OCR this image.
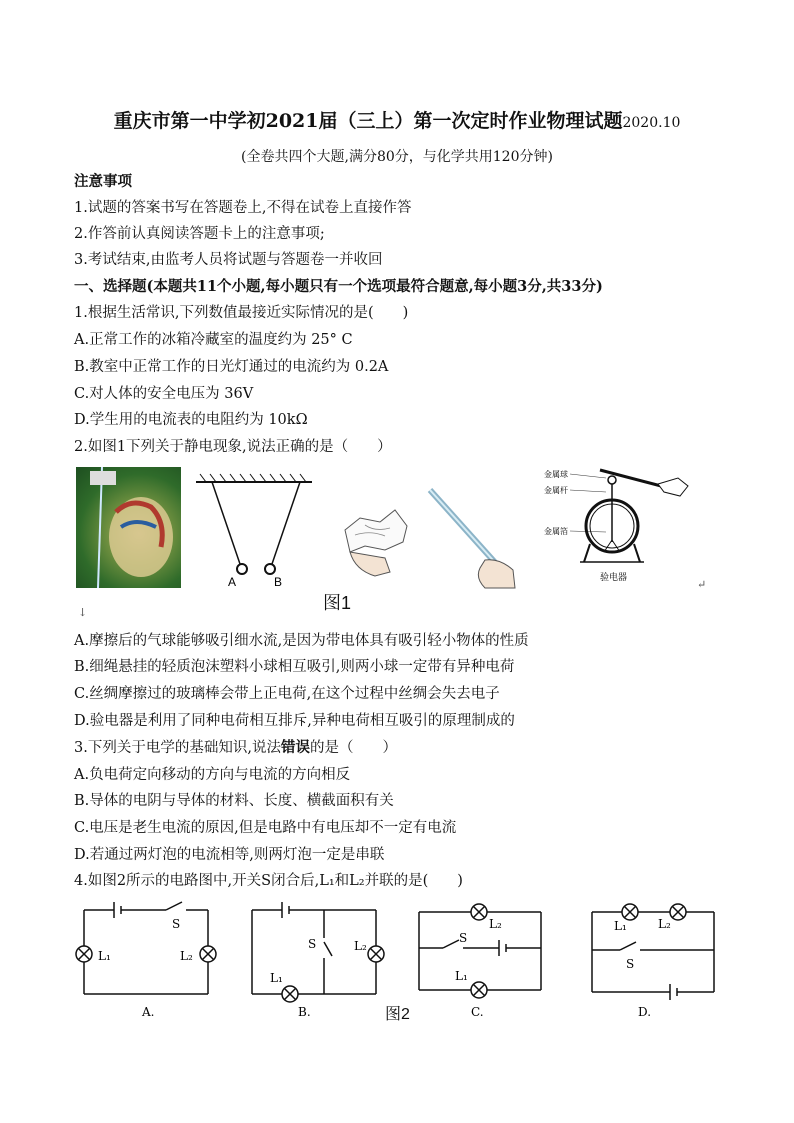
重庆市第一中学初2021届（三上）第一次定时作业物理试题2020.10
(全卷共四个大题,满分80分，与化学共用120分钟)
注意事项
1.试题的答案书写在答题卷上,不得在试卷上直接作答
2.作答前认真阅读答题卡上的注意事项;
3.考试结束,由监考人员将试题与答题卷一并收回
一、选择题(本题共11个小题,每小题只有一个选项最符合题意,每小题3分,共33分)
1.根据生活常识,下列数值最接近实际情况的是(　　)
A.正常工作的冰箱冷藏室的温度约为 25° C
B.教室中正常工作的日光灯通过的电流约为 0.2A
C.对人体的安全电压为 36V
D.学生用的电流表的电阻约为 10kΩ
2.如图1下列关于静电现象,说法正确的是（　　）
A	B
金属球
金属杆
金属箔
验电器
图1
↵
↓
A.摩擦后的气球能够吸引细水流,是因为带电体具有吸引轻小物体的性质
B.细绳悬挂的轻质泡沫塑料小球相互吸引,则两小球一定带有异种电荷
C.丝绸摩擦过的玻璃棒会带上正电荷,在这个过程中丝绸会失去电子
D.验电器是利用了同种电荷相互排斥,异种电荷相互吸引的原理制成的
3.下列关于电学的基础知识,说法错误的是（　　）
A.负电荷定向移动的方向与电流的方向相反
B.导体的电阴与导体的材料、长度、横截面积有关
C.电压是老生电流的原因,但是电路中有电压却不一定有电流
D.若通过两灯泡的电流相等,则两灯泡一定是串联
4.如图2所示的电路图中,开关S闭合后,L₁和L₂并联的是(　　)
S
L₁	L₂
A.
S
L₁
L₂
B.
L₂
S
L₁
C.
L₁	L₂
S
D.
图2
